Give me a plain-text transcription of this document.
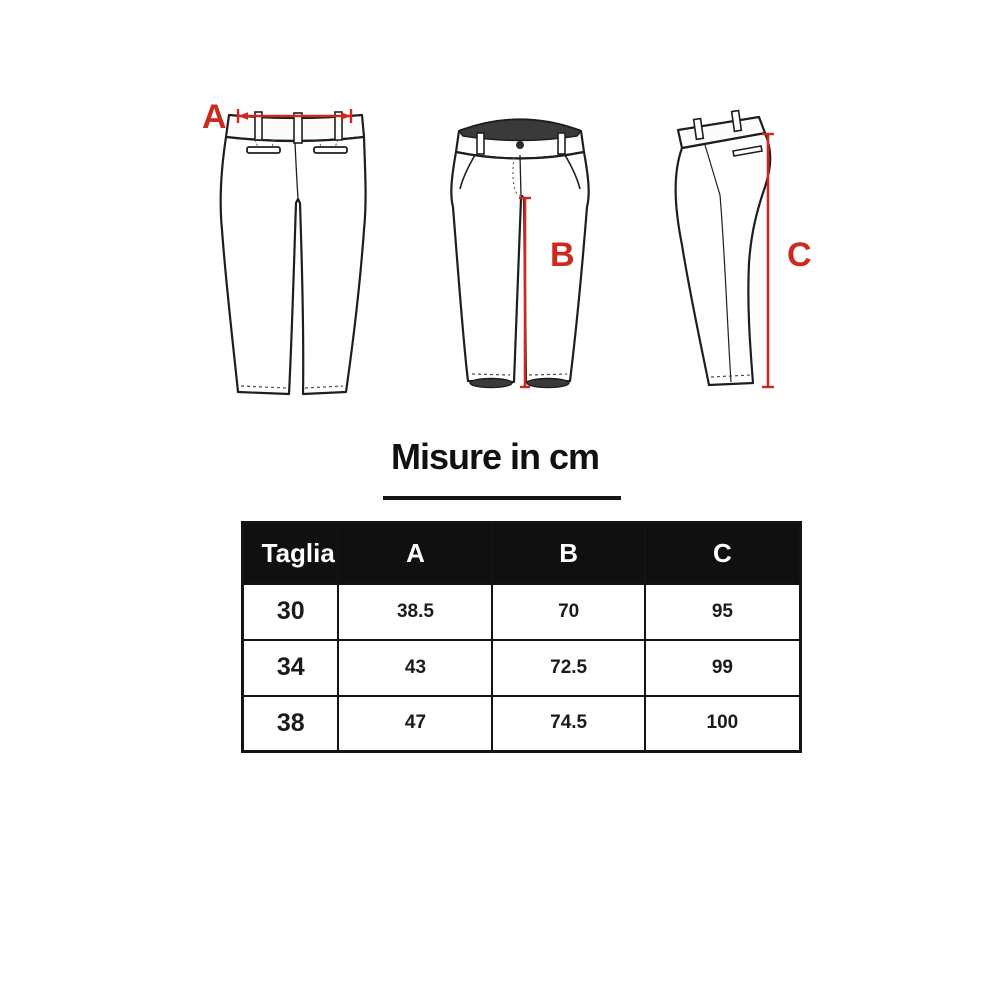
A
B	C
Misure in cm
Taglia	A	B	C
30	38.5	70	95
34	43	72.5	99
38	47	74.5	100
